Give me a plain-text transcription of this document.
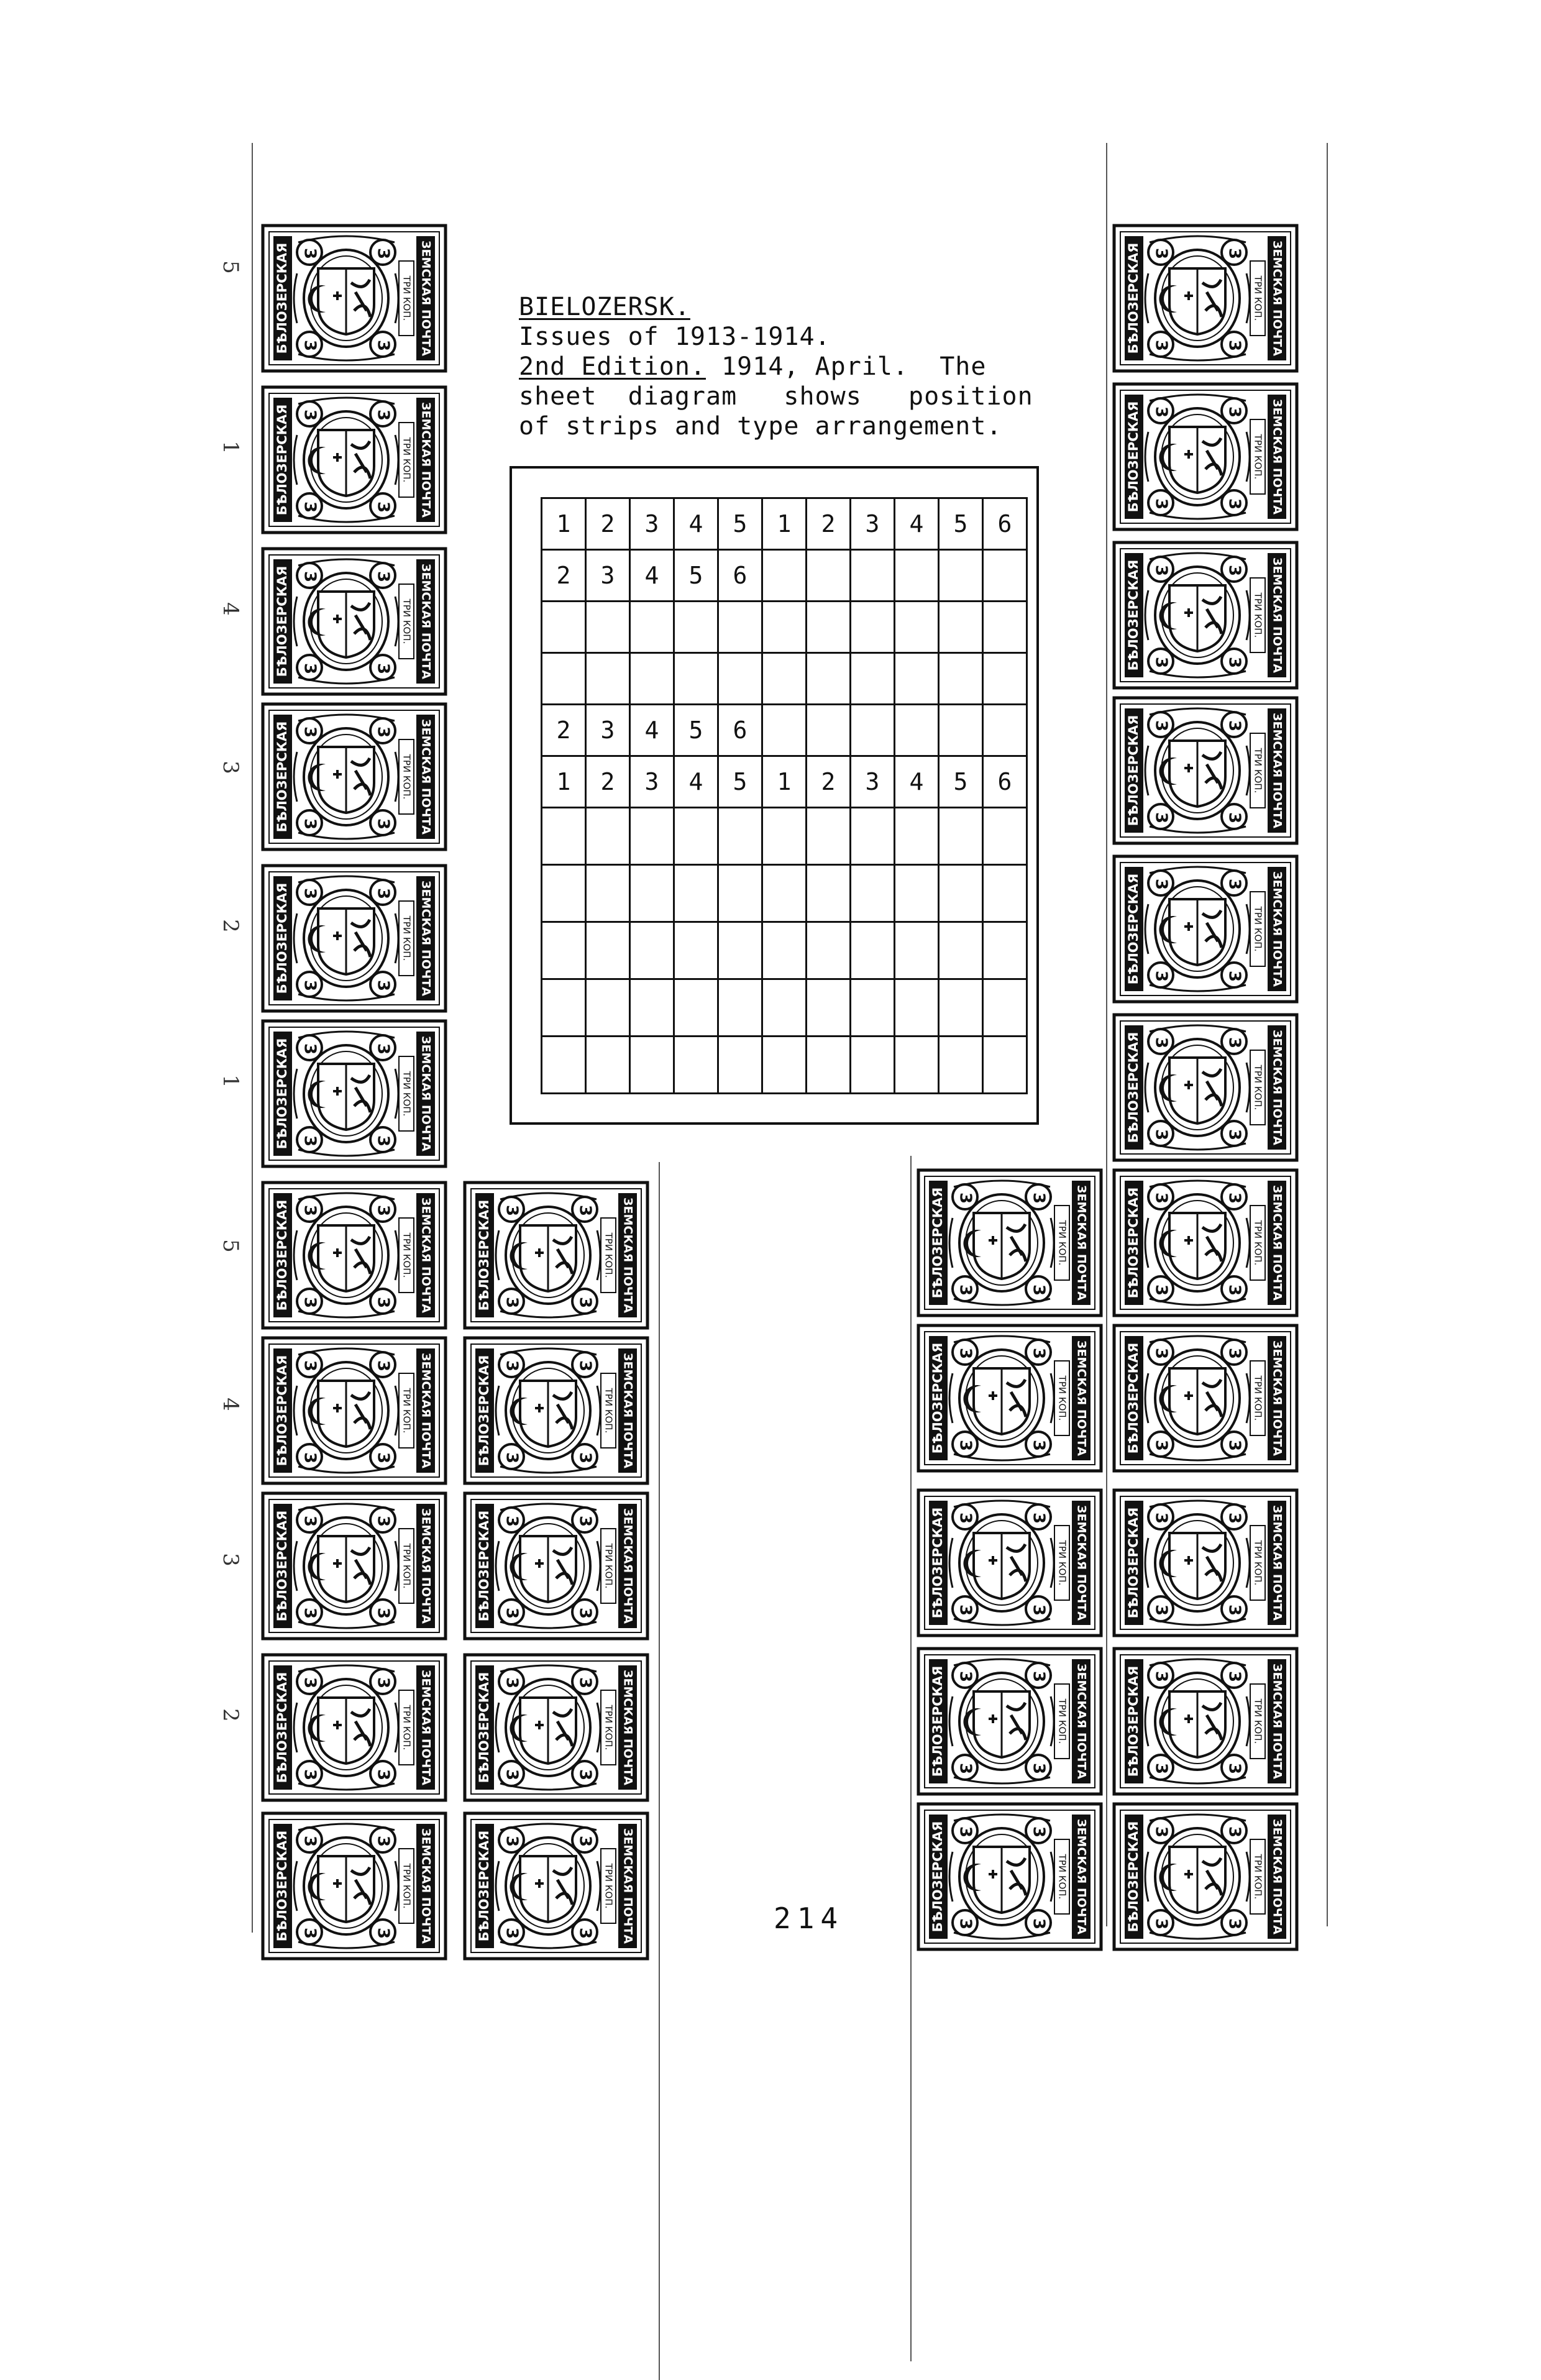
BIELOZERSK.
Issues of 1913-1914.
2nd Edition. 1914, April.  The
sheet  diagram   shows   position
of strips and type arrangement.
1	2	3	4	5	1	2	3	4	5	6
2	3	4	5	6						

2	3	4	5	6						
1	2	3	4	5	1	2	3	4	5	6

БѢЛОЗЕРСКАЯ	ЗЕМСКАЯ ПОЧТА
ТРИ КОП.
3
3
3
3
БѢЛОЗЕРСКАЯ	ЗЕМСКАЯ ПОЧТА
ТРИ КОП.
3
3
3
3
БѢЛОЗЕРСКАЯ	ЗЕМСКАЯ ПОЧТА
ТРИ КОП.
3
3
3
3
БѢЛОЗЕРСКАЯ	ЗЕМСКАЯ ПОЧТА
ТРИ КОП.
3
3
3
3
БѢЛОЗЕРСКАЯ	ЗЕМСКАЯ ПОЧТА
ТРИ КОП.
3
3
3
3
БѢЛОЗЕРСКАЯ	ЗЕМСКАЯ ПОЧТА
ТРИ КОП.
3
3
3
3
БѢЛОЗЕРСКАЯ	ЗЕМСКАЯ ПОЧТА
ТРИ КОП.
3
3
3
3
БѢЛОЗЕРСКАЯ	ЗЕМСКАЯ ПОЧТА
ТРИ КОП.
3
3
3
3
БѢЛОЗЕРСКАЯ	ЗЕМСКАЯ ПОЧТА
ТРИ КОП.
3
3
3
3
БѢЛОЗЕРСКАЯ	ЗЕМСКАЯ ПОЧТА
ТРИ КОП.
3
3
3
3
БѢЛОЗЕРСКАЯ	ЗЕМСКАЯ ПОЧТА
ТРИ КОП.
3
3
3
3
БѢЛОЗЕРСКАЯ	ЗЕМСКАЯ ПОЧТА
ТРИ КОП.
3
3
3
3
БѢЛОЗЕРСКАЯ	ЗЕМСКАЯ ПОЧТА
ТРИ КОП.
3
3
3
3
БѢЛОЗЕРСКАЯ	ЗЕМСКАЯ ПОЧТА
ТРИ КОП.
3
3
3
3
БѢЛОЗЕРСКАЯ	ЗЕМСКАЯ ПОЧТА
ТРИ КОП.
3
3
3
3
БѢЛОЗЕРСКАЯ	ЗЕМСКАЯ ПОЧТА
ТРИ КОП.
3
3
3
3
БѢЛОЗЕРСКАЯ	ЗЕМСКАЯ ПОЧТА
ТРИ КОП.
3
3
3
3
БѢЛОЗЕРСКАЯ	ЗЕМСКАЯ ПОЧТА
ТРИ КОП.
3
3
3
3
БѢЛОЗЕРСКАЯ	ЗЕМСКАЯ ПОЧТА
ТРИ КОП.
3
3
3
3
БѢЛОЗЕРСКАЯ	ЗЕМСКАЯ ПОЧТА
ТРИ КОП.
3
3
3
3
БѢЛОЗЕРСКАЯ	ЗЕМСКАЯ ПОЧТА
ТРИ КОП.
3
3
3
3
БѢЛОЗЕРСКАЯ	ЗЕМСКАЯ ПОЧТА
ТРИ КОП.
3
3
3
3
БѢЛОЗЕРСКАЯ	ЗЕМСКАЯ ПОЧТА
ТРИ КОП.
3
3
3
3
БѢЛОЗЕРСКАЯ	ЗЕМСКАЯ ПОЧТА
ТРИ КОП.
3
3
3
3
БѢЛОЗЕРСКАЯ	ЗЕМСКАЯ ПОЧТА
ТРИ КОП.
3
3
3
3
БѢЛОЗЕРСКАЯ	ЗЕМСКАЯ ПОЧТА
ТРИ КОП.
3
3
3
3
БѢЛОЗЕРСКАЯ	ЗЕМСКАЯ ПОЧТА
ТРИ КОП.
3
3
3
3
БѢЛОЗЕРСКАЯ	ЗЕМСКАЯ ПОЧТА
ТРИ КОП.
3
3
3
3
БѢЛОЗЕРСКАЯ	ЗЕМСКАЯ ПОЧТА
ТРИ КОП.
3
3
3
3
БѢЛОЗЕРСКАЯ	ЗЕМСКАЯ ПОЧТА
ТРИ КОП.
3
3
3
3
БѢЛОЗЕРСКАЯ	ЗЕМСКАЯ ПОЧТА
ТРИ КОП.
3
3
3
3
БѢЛОЗЕРСКАЯ	ЗЕМСКАЯ ПОЧТА
ТРИ КОП.
3
3
3
3
5
1
4
3
2
1
5
4
3
2
214
